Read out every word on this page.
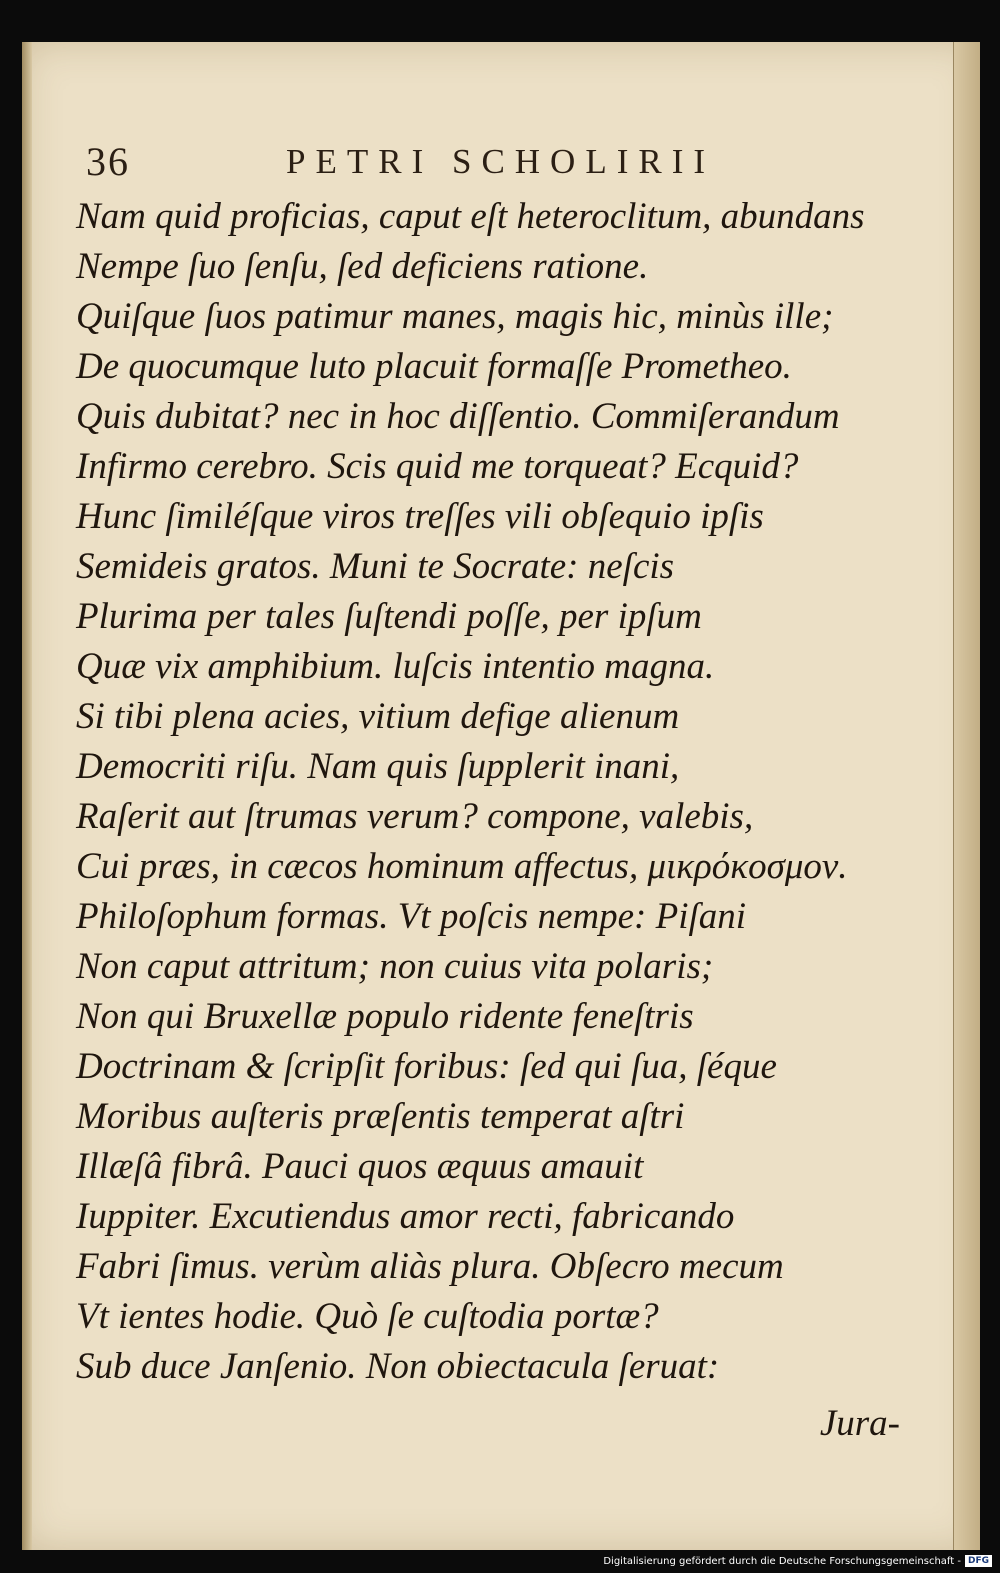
36	PETRI SCHOLIRII
Nam quid proficias, caput eſt heteroclitum, abundans
Nempe ſuo ſenſu, ſed deficiens ratione.
Quiſque ſuos patimur manes, magis hic, minùs ille;
De quocumque luto placuit formaſſe Prometheo.
Quis dubitat? nec in hoc diſſentio. Commiſerandum
Infirmo cerebro. Scis quid me torqueat? Ecquid?
Hunc ſimiléſque viros treſſes vili obſequio ipſis
Semideis gratos. Muni te Socrate: neſcis
Plurima per tales ſuſtendi poſſe, per ipſum
Quæ vix amphibium. luſcis intentio magna.
Si tibi plena acies, vitium defige alienum
Democriti riſu. Nam quis ſupplerit inani,
Raſerit aut ſtrumas verum? compone, valebis,
Cui præs, in cæcos hominum affectus, μικρόκοσμον.
Philoſophum formas. Vt poſcis nempe: Piſani
Non caput attritum; non cuius vita polaris;
Non qui Bruxellæ populo ridente feneſtris
Doctrinam & ſcripſit foribus: ſed qui ſua, ſéque
Moribus auſteris præſentis temperat aſtri
Illæſâ fibrâ. Pauci quos æquus amauit
Iuppiter. Excutiendus amor recti, fabricando
Fabri ſimus. verùm aliàs plura. Obſecro mecum
Vt ientes hodie. Quò ſe cuſtodia portæ?
Sub duce Janſenio. Non obiectacula ſeruat:
Jura-
Digitalisierung gefördert durch die Deutsche Forschungsgemeinschaft - DFG
